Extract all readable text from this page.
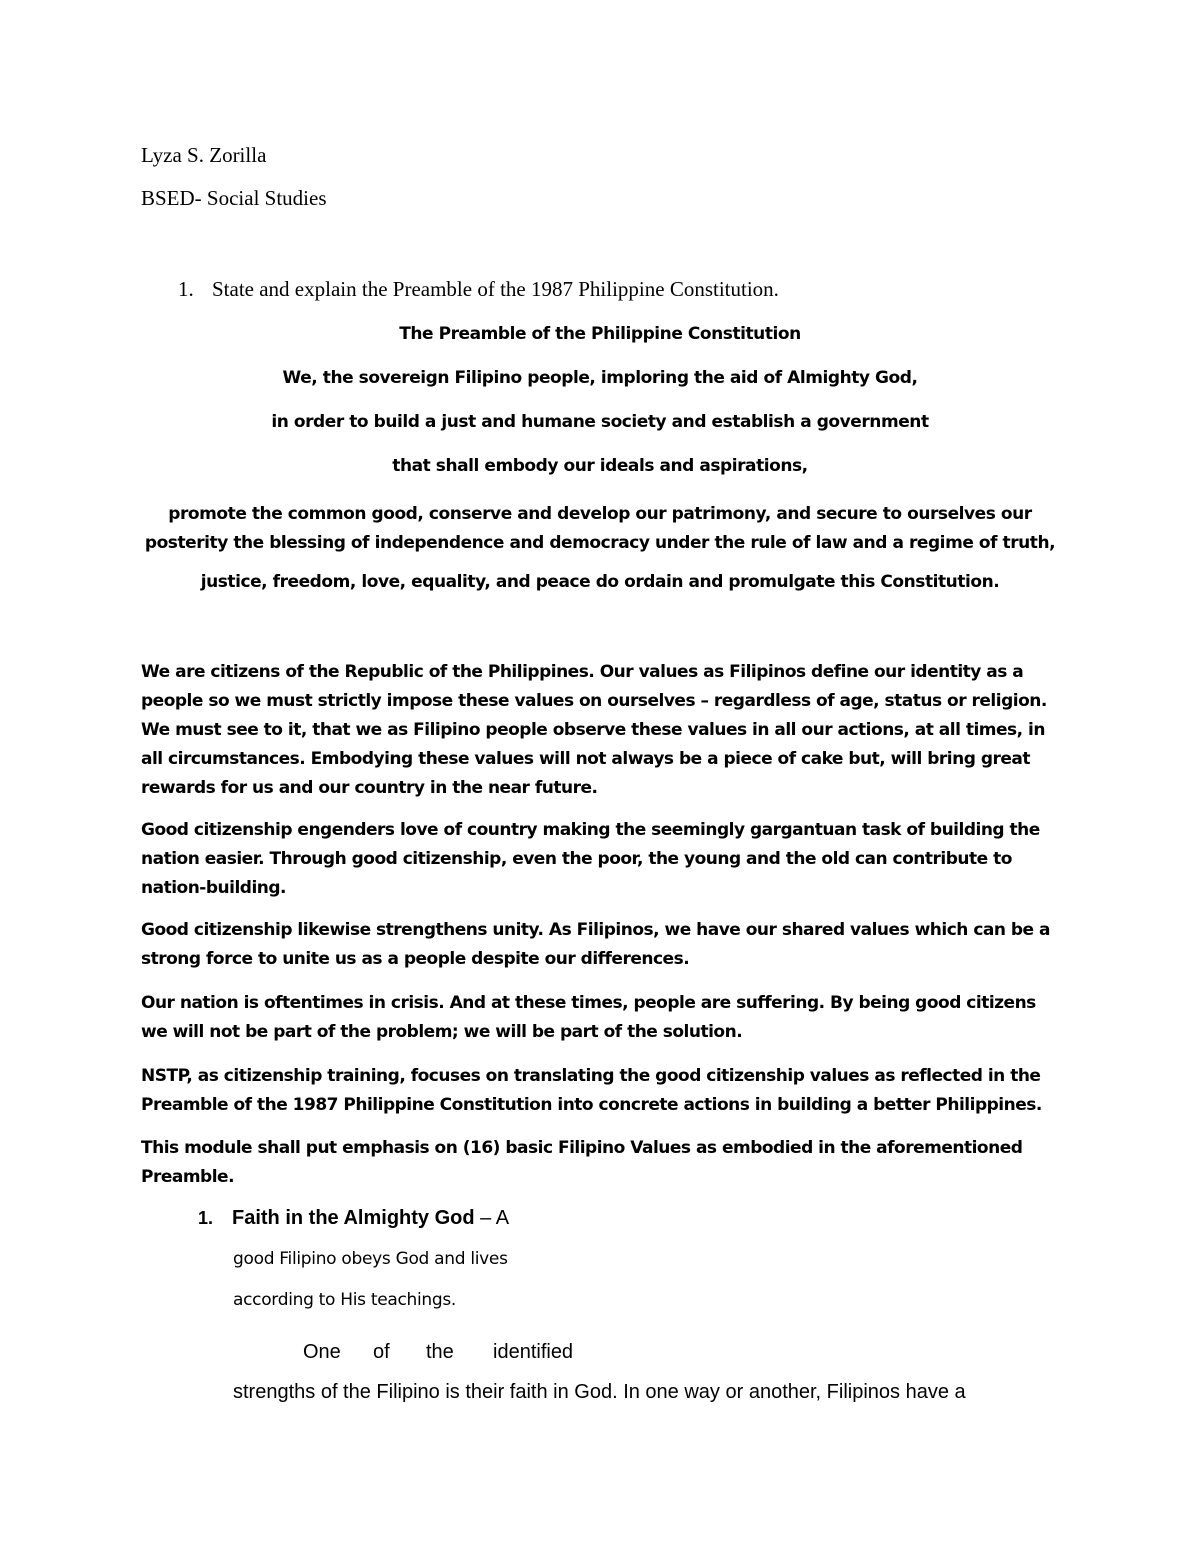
Lyza S. Zorilla

BSED- Social Studies

1. State and explain the Preamble of the 1987 Philippine Constitution.

The Preamble of the Philippine Constitution

We, the sovereign Filipino people, imploring the aid of Almighty God,

in order to build a just and humane society and establish a government

that shall embody our ideals and aspirations,

promote the common good, conserve and develop our patrimony, and secure to ourselves our posterity the blessing of independence and democracy under the rule of law and a regime of truth,

justice, freedom, love, equality, and peace do ordain and promulgate this Constitution.

We are citizens of the Republic of the Philippines. Our values as Filipinos define our identity as a people so we must strictly impose these values on ourselves – regardless of age, status or religion. We must see to it, that we as Filipino people observe these values in all our actions, at all times, in all circumstances. Embodying these values will not always be a piece of cake but, will bring great rewards for us and our country in the near future.

Good citizenship engenders love of country making the seemingly gargantuan task of building the nation easier. Through good citizenship, even the poor, the young and the old can contribute to nation-building.

Good citizenship likewise strengthens unity. As Filipinos, we have our shared values which can be a strong force to unite us as a people despite our differences.

Our nation is oftentimes in crisis. And at these times, people are suffering. By being good citizens we will not be part of the problem; we will be part of the solution.

NSTP, as citizenship training, focuses on translating the good citizenship values as reflected in the Preamble of the 1987 Philippine Constitution into concrete actions in building a better Philippines.

This module shall put emphasis on (16) basic Filipino Values as embodied in the aforementioned Preamble.

1. Faith in the Almighty God – A

good Filipino obeys God and lives

according to His teachings.

One of the identified

strengths of the Filipino is their faith in God. In one way or another, Filipinos have a
